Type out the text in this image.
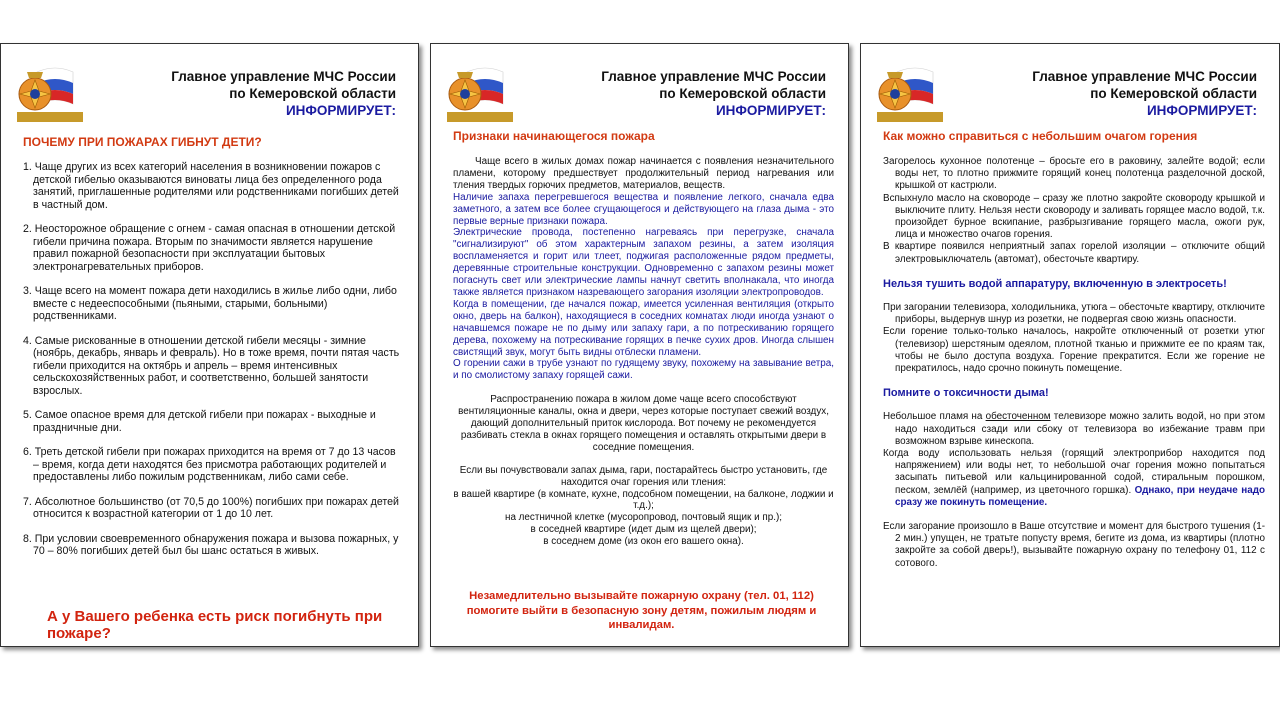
Главное управление МЧС России
по Кемеровской области
ИНФОРМИРУЕТ:
ПОЧЕМУ ПРИ ПОЖАРАХ ГИБНУТ ДЕТИ?
1. Чаще других из всех категорий населения в возникновении пожаров с детской гибелью оказываются виноваты лица без определенного рода занятий, приглашенные родителями или родственниками погибших детей в частный дом.
2. Неосторожное обращение с огнем - самая опасная в отношении детской гибели причина пожара. Вторым по значимости является нарушение правил пожарной безопасности при эксплуатации бытовых электронагревательных приборов.
3. Чаще всего на момент пожара дети находились в жилье либо одни, либо вместе с недееспособными (пьяными, старыми, больными) родственниками.
4. Самые рискованные в отношении детской гибели месяцы - зимние (ноябрь, декабрь, январь и февраль). Но в тоже время, почти пятая часть гибели приходится на октябрь и апрель – время интенсивных сельскохозяйственных работ, и соответственно, большей занятости взрослых.
5. Самое опасное время для детской гибели при пожарах - выходные и праздничные дни.
6. Треть детской гибели при пожарах приходится на время от 7 до 13 часов – время, когда дети находятся без присмотра работающих родителей и предоставлены либо пожилым родственникам, либо сами себе.
7. Абсолютное большинство (от 70,5 до 100%) погибших при пожарах детей относится к возрастной категории от 1 до 10 лет.
8. При условии своевременного обнаружения пожара и вызова пожарных, у 70 – 80% погибших детей был бы шанс остаться в живых.
А у Вашего ребенка есть риск погибнуть при пожаре?
Главное управление МЧС России
по Кемеровской области
ИНФОРМИРУЕТ:
Признаки начинающегося пожара

Чаще всего в жилых домах пожар начинается с появления незначительного пламени, которому предшествует продолжительный период нагревания или тления твердых горючих предметов, материалов, веществ.

Наличие запаха перегревшегося вещества и появление легкого, сначала едва заметного, а затем все более сгущающегося и действующего на глаза дыма - это первые верные признаки пожара.

Электрические провода, постепенно нагреваясь при перегрузке, сначала "сигнализируют" об этом характерным запахом резины, а затем изоляция воспламеняется и горит или тлеет, поджигая расположенные рядом предметы, деревянные строительные конструкции. Одновременно с запахом резины может погаснуть свет или электрические лампы начнут светить вполнакала, что иногда также является признаком назревающего загорания изоляции электропроводов.

Когда в помещении, где начался пожар, имеется усиленная вентиляция (открыто окно, дверь на балкон), находящиеся в соседних комнатах люди иногда узнают о начавшемся пожаре не по дыму или запаху гари, а по потрескиванию горящего дерева, похожему на потрескивание горящих в печке сухих дров. Иногда слышен свистящий звук, могут быть видны отблески пламени.

О горении сажи в трубе узнают по гудящему звуку, похожему на завывание ветра, и по смолистому запаху горящей сажи.

Распространению пожара в жилом доме чаще всего способствуют вентиляционные каналы, окна и двери, через которые поступает свежий воздух, дающий дополнительный приток кислорода. Вот почему не рекомендуется разбивать стекла в окнах горящего помещения и оставлять открытыми двери в соседние помещения.

Если вы почувствовали запах дыма, гари, постарайтесь быстро установить, где находится очаг горения или тления:

в вашей квартире (в комнате, кухне, подсобном помещении, на балконе, лоджии и т.д.);

на лестничной клетке (мусоропровод, почтовый ящик и пр.);

в соседней квартире (идет дым из щелей двери);

в соседнем доме (из окон его вашего окна).

Незамедлительно вызывайте пожарную охрану (тел. 01, 112) помогите выйти в безопасную зону детям, пожилым людям и инвалидам.
Главное управление МЧС России
по Кемеровской области
ИНФОРМИРУЕТ:
Как можно справиться с небольшим очагом горения

Загорелось кухонное полотенце – бросьте его в раковину, залейте водой; если воды нет, то плотно прижмите горящий конец полотенца разделочной доской, крышкой от кастрюли.

Вспыхнуло масло на сковороде – сразу же плотно закройте сковороду крышкой и выключите плиту. Нельзя нести сковороду и заливать горящее масло водой, т.к. произойдет бурное вскипание, разбрызгивание горящего масла, ожоги рук, лица и множество очагов горения.

В квартире появился неприятный запах горелой изоляции – отключите общий электровыключатель (автомат), обесточьте квартиру.

Нельзя тушить водой аппаратуру, включенную в электросеть!

При загорании телевизора, холодильника, утюга – обесточьте квартиру, отключите приборы, выдернув шнур из розетки, не подвергая свою жизнь опасности.

Если горение только-только началось, накройте отключенный от розетки утюг (телевизор) шерстяным одеялом, плотной тканью и прижмите ее по краям так, чтобы не было доступа воздуха. Горение прекратится. Если же горение не прекратилось, надо срочно покинуть помещение.

Помните о токсичности дыма!

Небольшое пламя на обесточенном телевизоре можно залить водой, но при этом надо находиться сзади или сбоку от телевизора во избежание травм при возможном взрыве кинескопа.

Когда воду использовать нельзя (горящий электроприбор находится под напряжением) или воды нет, то небольшой очаг горения можно попытаться засыпать питьевой или кальцинированной содой, стиральным порошком, песком, землёй (например, из цветочного горшка). Однако, при неудаче надо сразу же покинуть помещение.

Если загорание произошло в Ваше отсутствие и момент для быстрого тушения (1-2 мин.) упущен, не тратьте попусту время, бегите из дома, из квартиры (плотно закройте за собой дверь!), вызывайте пожарную охрану по телефону 01, 112 с сотового.
